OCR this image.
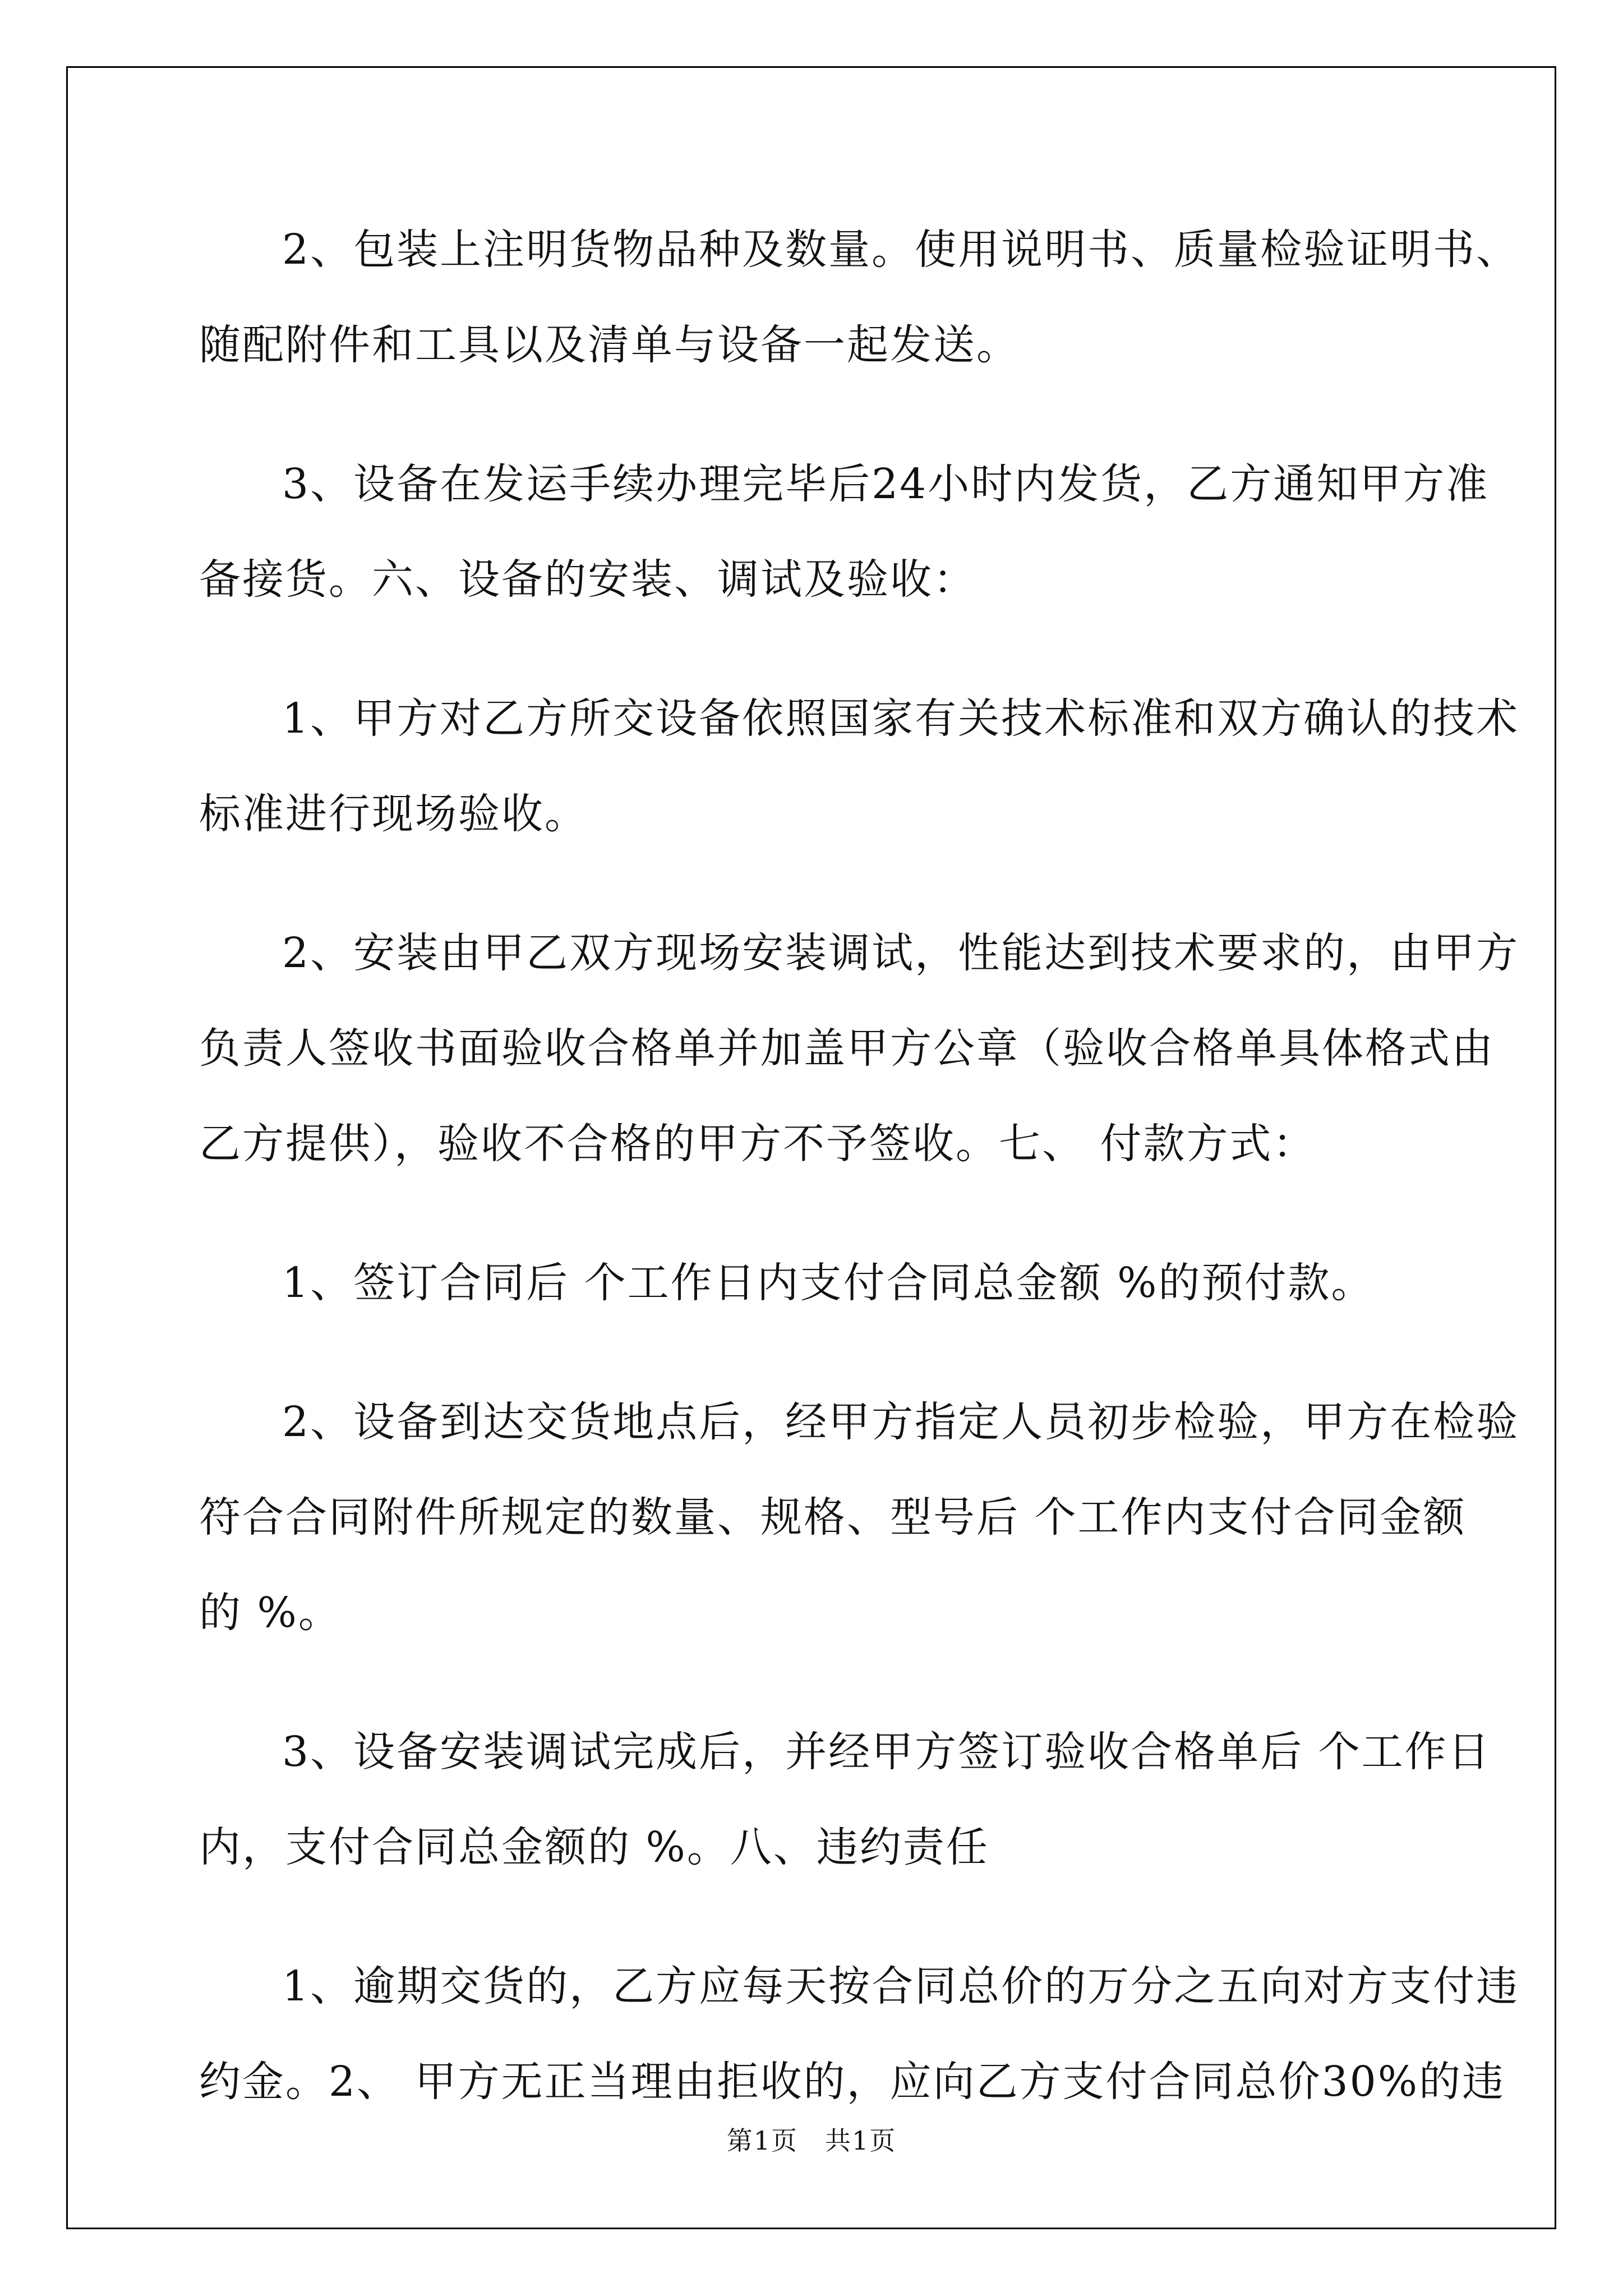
2、包装上注明货物品种及数量。使用说明书、质量检验证明书、
随配附件和工具以及清单与设备一起发送。

3、设备在发运手续办理完毕后24小时内发货，乙方通知甲方准
备接货。六、设备的安装、调试及验收：

1、甲方对乙方所交设备依照国家有关技术标准和双方确认的技术
标准进行现场验收。

2、安装由甲乙双方现场安装调试，性能达到技术要求的，由甲方
负责人签收书面验收合格单并加盖甲方公章（验收合格单具体格式由
乙方提供），验收不合格的甲方不予签收。七、 付款方式：

1、签订合同后 个工作日内支付合同总金额 %的预付款。

2、设备到达交货地点后，经甲方指定人员初步检验，甲方在检验
符合合同附件所规定的数量、规格、型号后 个工作内支付合同金额
的 %。

3、设备安装调试完成后，并经甲方签订验收合格单后 个工作日
内，支付合同总金额的 %。八、违约责任

1、逾期交货的，乙方应每天按合同总价的万分之五向对方支付违
约金。2、 甲方无正当理由拒收的，应向乙方支付合同总价30%的违

第1页　共1页
